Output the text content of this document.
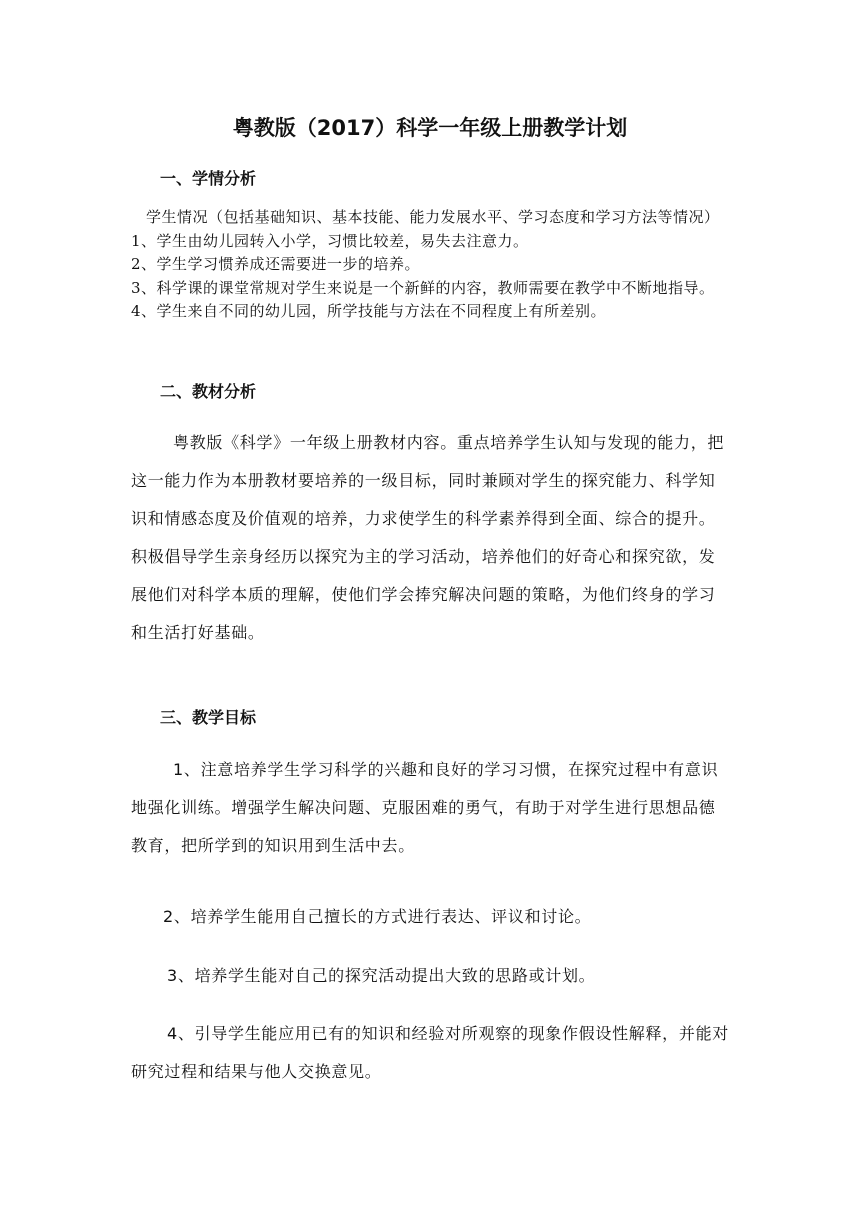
粤教版（2017）科学一年级上册教学计划
一、学情分析

学生情况（包括基础知识、基本技能、能力发展水平、学习态度和学习方法等情况）

1、学生由幼儿园转入小学，习惯比较差，易失去注意力。

2、学生学习惯养成还需要进一步的培养。

3、科学课的课堂常规对学生来说是一个新鲜的内容，教师需要在教学中不断地指导。

4、学生来自不同的幼儿园，所学技能与方法在不同程度上有所差别。

二、教材分析

粤教版《科学》一年级上册教材内容。重点培养学生认知与发现的能力，把这一能力作为本册教材要培养的一级目标，同时兼顾对学生的探究能力、科学知识和情感态度及价值观的培养，力求使学生的科学素养得到全面、综合的提升。积极倡导学生亲身经历以探究为主的学习活动，培养他们的好奇心和探究欲，发展他们对科学本质的理解，使他们学会捧究解决问题的策略，为他们终身的学习和生活打好基础。

三、教学目标

1、注意培养学生学习科学的兴趣和良好的学习习惯，在探究过程中有意识地强化训练。增强学生解决问题、克服困难的勇气，有助于对学生进行思想品德教育，把所学到的知识用到生活中去。

2、培养学生能用自己擅长的方式进行表达、评议和讨论。

3、培养学生能对自己的探究活动提出大致的思路或计划。

4、引导学生能应用已有的知识和经验对所观察的现象作假设性解释，并能对研究过程和结果与他人交换意见。
